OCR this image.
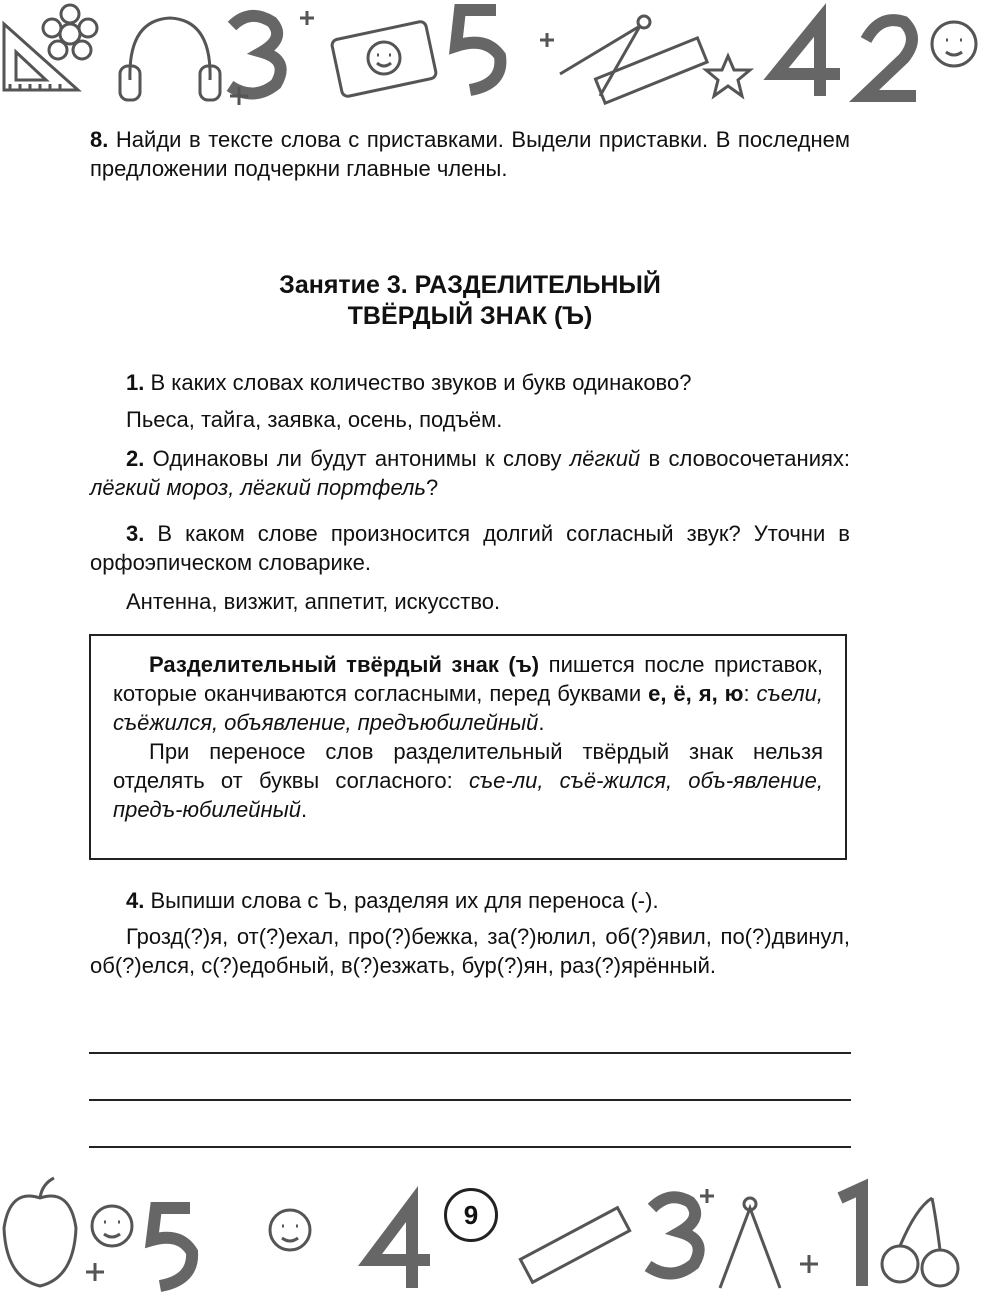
8. Найди в тексте слова с приставками. Выдели приставки. В последнем предложении подчеркни главные члены.

Занятие 3. РАЗДЕЛИТЕЛЬНЫЙ
ТВЁРДЫЙ ЗНАК (Ъ)

1. В каких словах количество звуков и букв одинаково?

Пьеса, тайга, заявка, осень, подъём.

2. Одинаковы ли будут антонимы к слову лёгкий в словосочетаниях: лёгкий мороз, лёгкий портфель?

3. В каком слове произносится долгий согласный звук? Уточни в орфоэпическом словарике.

Антенна, визжит, аппетит, искусство.

Разделительный твёрдый знак (ъ) пишется после приставок, которые оканчиваются согласными, перед буквами е, ё, я, ю: съели, съёжился, объявление, предъюбилейный.

При переносе слов разделительный твёрдый знак нельзя отделять от буквы согласного: съе-ли, съё-жился, объ-явление, предъ-юбилейный.

4. Выпиши слова с Ъ, разделяя их для переноса (-).

Грозд(?)я, от(?)ехал, про(?)бежка, за(?)юлил, об(?)явил, по(?)двинул, об(?)елся, с(?)едобный, в(?)езжать, бур(?)ян, раз(?)ярённый.

9
